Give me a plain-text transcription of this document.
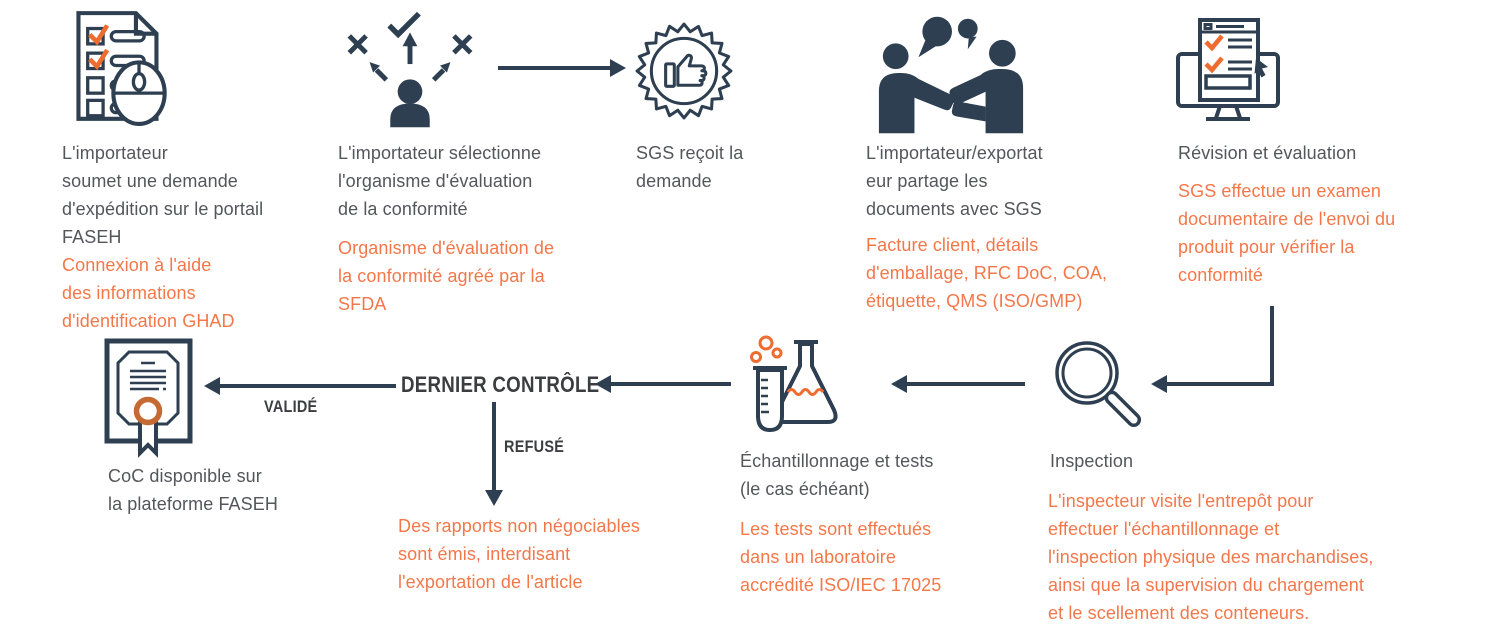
L'importateur
soumet une demande
d'expédition sur le portail
FASEH
Connexion à l'aide
des informations
d'identification GHAD
L'importateur sélectionne
l'organisme d'évaluation
de la conformité
Organisme d'évaluation de
la conformité agréé par la
SFDA
SGS reçoit la
demande
L'importateur/exportat
eur partage les
documents avec SGS
Facture client, détails
d'emballage, RFC DoC, COA,
étiquette, QMS (ISO/GMP)
Révision et évaluation
SGS effectue un examen
documentaire de l'envoi du
produit pour vérifier la
conformité
Inspection
L'inspecteur visite l'entrepôt pour
effectuer l'échantillonnage et
l'inspection physique des marchandises,
ainsi que la supervision du chargement
et le scellement des conteneurs.
Échantillonnage et tests
(le cas échéant)
Les tests sont effectués
dans un laboratoire
accrédité ISO/IEC 17025
DERNIER CONTRÔLE
REFUSÉ
Des rapports non négociables
sont émis, interdisant
l'exportation de l'article
VALIDÉ
CoC disponible sur
la plateforme FASEH
